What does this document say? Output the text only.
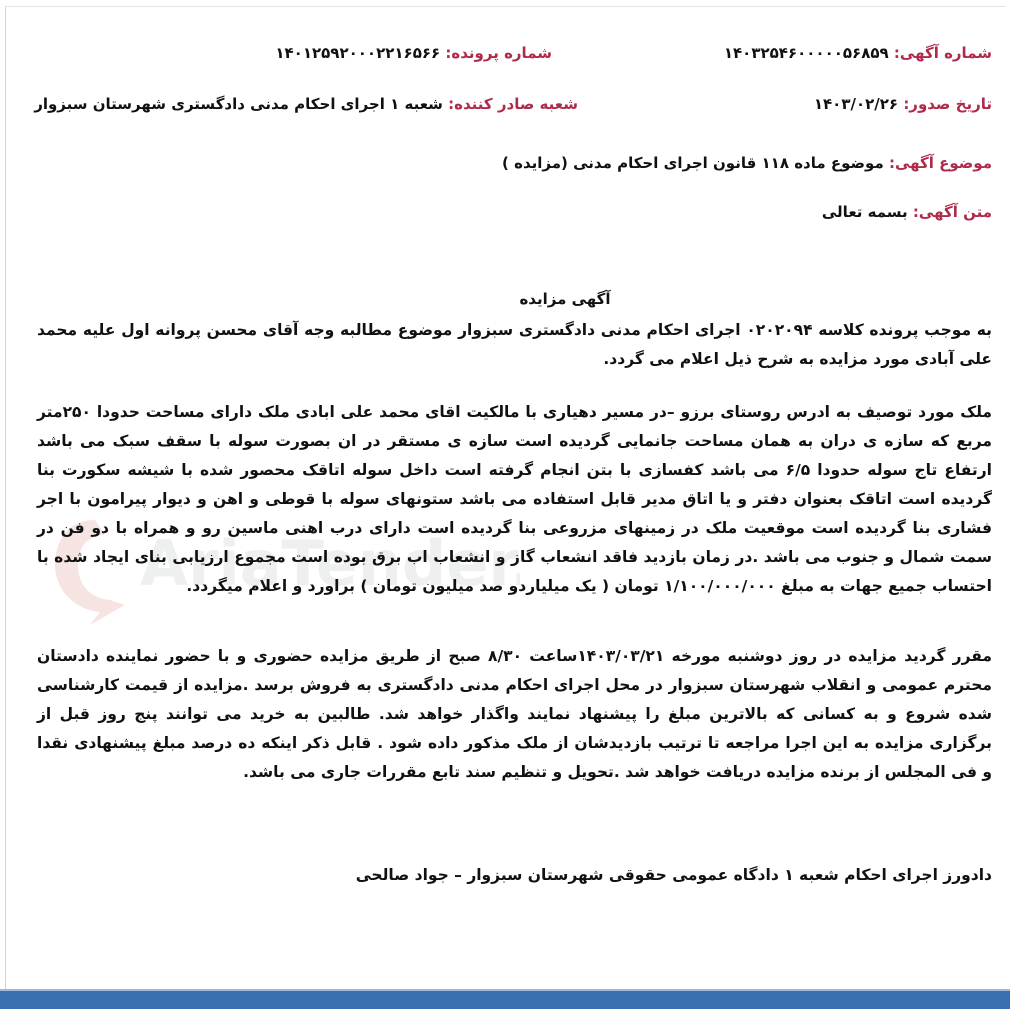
AriaTender
شماره آگهی: ۱۴۰۳۲۵۴۶۰۰۰۰۰۵۶۸۵۹
شماره پرونده: ۱۴۰۱۲۵۹۲۰۰۰۲۲۱۶۵۶۶
تاریخ صدور: ۱۴۰۳/۰۲/۲۶
شعبه صادر کننده: شعبه ۱ اجرای احکام مدنی دادگستری شهرستان سبزوار
موضوع آگهی: موضوع ماده ۱۱۸ قانون اجرای احکام مدنی (مزایده )
متن آگهی: بسمه تعالی
آگهی مزایده

به موجب پرونده کلاسه ۰۲۰۲۰۹۴ اجرای احکام مدنی دادگستری سبزوار موضوع مطالبه وجه آقای محسن پروانه اول علیه محمد علی آبادی مورد مزایده به شرح ذیل اعلام می گردد.

ملک مورد توصیف به ادرس روستای برزو –در مسیر دهیاری با مالکیت اقای محمد علی ابادی ملک دارای مساحت حدودا ۲۵۰متر مربع که سازه ی دران به همان مساحت جانمایی گردیده است سازه ی مستقر در ان بصورت سوله با سقف سبک می باشد ارتفاع تاج سوله حدودا ۶/۵ می باشد کفسازی با بتن انجام گرفته است داخل سوله اتاقک محصور شده با شیشه سکورت بنا گردیده است اتاقک بعنوان دفتر و یا اتاق مدیر قابل استفاده می باشد ستونهای سوله با قوطی و اهن و دیوار پیرامون با اجر فشاری بنا گردیده است موقعیت ملک در زمینهای مزروعی بنا گردیده است دارای درب اهنی ماسین رو و همراه با دو فن در سمت شمال و جنوب می باشد .در زمان بازدید فاقد انشعاب گاز و انشعاب اب برق بوده است مجموع ارزیابی بنای ایجاد شده با احتساب جمیع جهات به مبلغ ۱/۱۰۰/۰۰۰/۰۰۰ تومان ( یک میلیاردو صد میلیون تومان ) براورد و اعلام میگردد.

مقرر گردید مزایده در روز دوشنبه مورخه ۱۴۰۳/۰۳/۲۱ساعت ۸/۳۰ صبح از طریق مزایده حضوری و با حضور نماینده دادستان محترم عمومی و انقلاب شهرستان سبزوار در محل اجرای احکام مدنی دادگستری به فروش برسد .مزایده از قیمت کارشناسی شده شروع و به کسانی که بالاترین مبلغ را پیشنهاد نمایند واگذار خواهد شد. طالبین به خرید می توانند پنج روز قبل از برگزاری مزایده به این اجرا مراجعه تا ترتیب بازدیدشان از ملک مذکور داده شود . قابل ذکر اینکه ده درصد مبلغ پیشنهادی نقدا و فی المجلس از برنده مزایده دریافت خواهد شد .تحویل و تنظیم سند تابع مقررات جاری می باشد.

دادورز اجرای احکام شعبه ۱ دادگاه عمومی حقوقی شهرستان سبزوار – جواد صالحی
